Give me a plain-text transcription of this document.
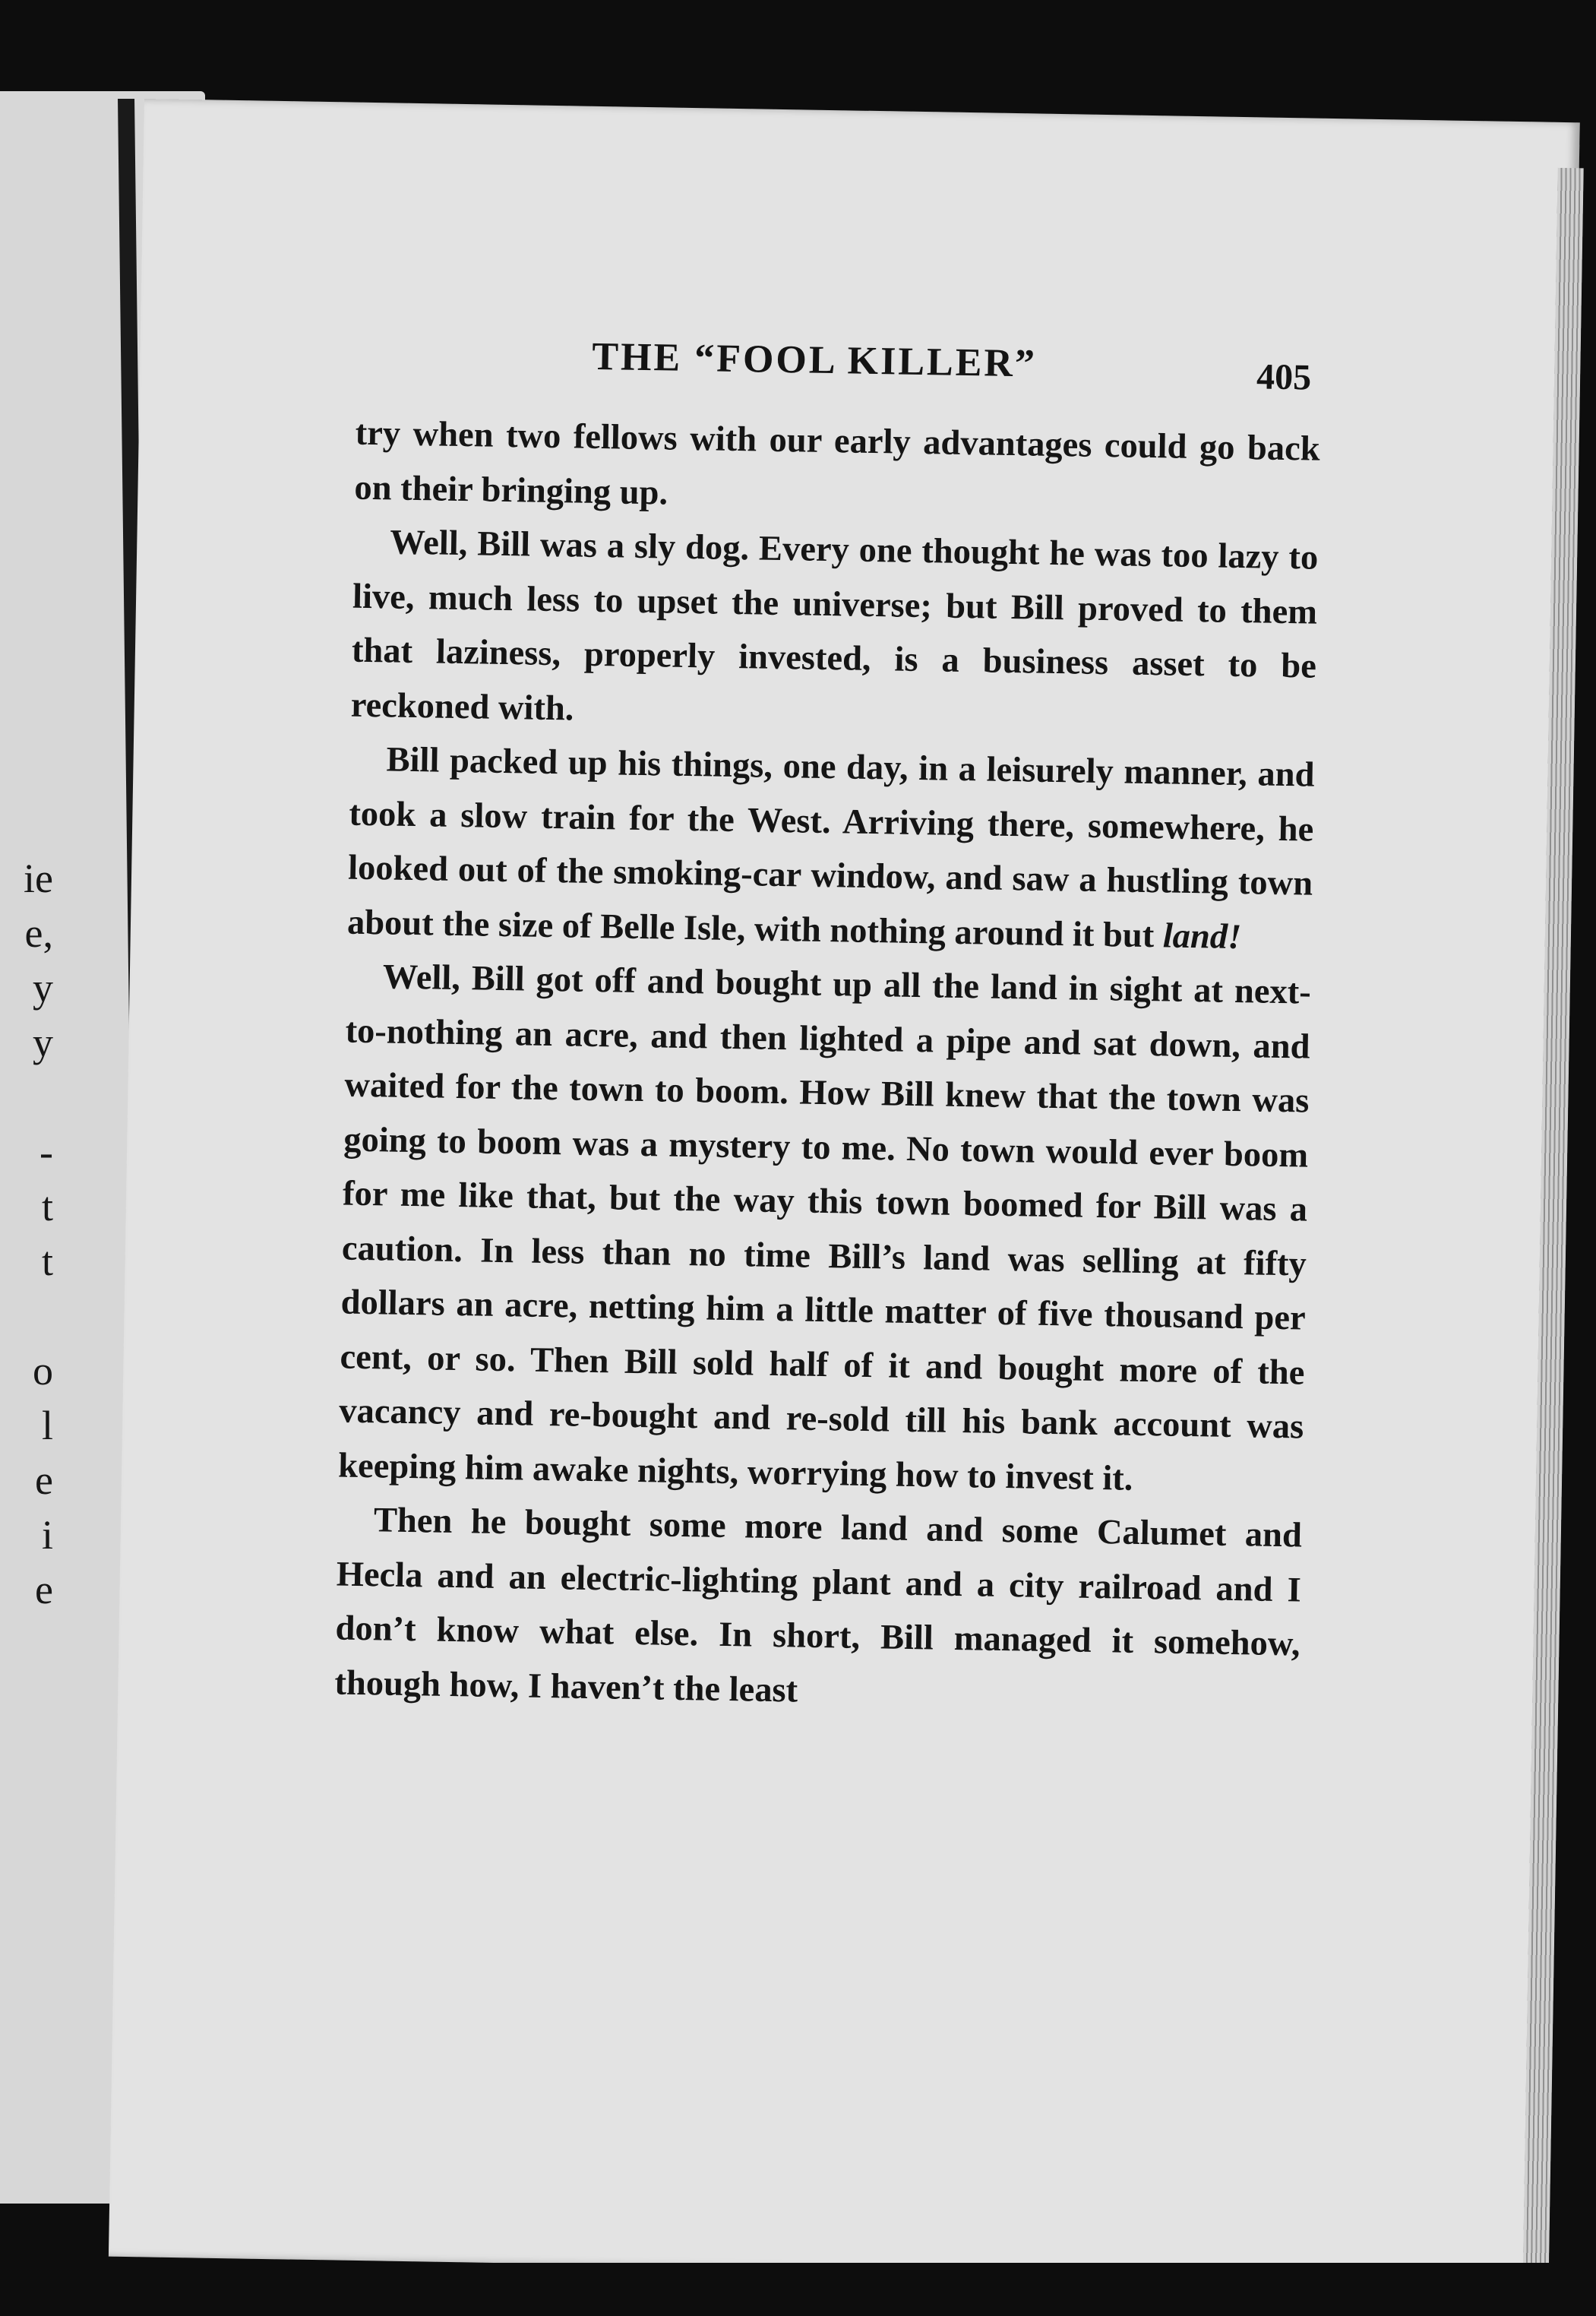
ie
e,
y
y
-
t
t
o
l
e
i
e
THE “FOOL KILLER”	405

try when two fellows with our early advantages could go back on their bringing up.

Well, Bill was a sly dog. Every one thought he was too lazy to live, much less to upset the universe; but Bill proved to them that laziness, properly invested, is a business asset to be reckoned with.

Bill packed up his things, one day, in a leisurely manner, and took a slow train for the West. Arriving there, somewhere, he looked out of the smoking-car window, and saw a hustling town about the size of Belle Isle, with nothing around it but land!

Well, Bill got off and bought up all the land in sight at next-to-nothing an acre, and then lighted a pipe and sat down, and waited for the town to boom. How Bill knew that the town was going to boom was a mystery to me. No town would ever boom for me like that, but the way this town boomed for Bill was a caution. In less than no time Bill’s land was selling at fifty dollars an acre, netting him a little matter of five thousand per cent, or so. Then Bill sold half of it and bought more of the vacancy and re-bought and re-sold till his bank account was keeping him awake nights, worrying how to invest it.

Then he bought some more land and some Calumet and Hecla and an electric-lighting plant and a city railroad and I don’t know what else. In short, Bill managed it somehow, though how, I haven’t the least
